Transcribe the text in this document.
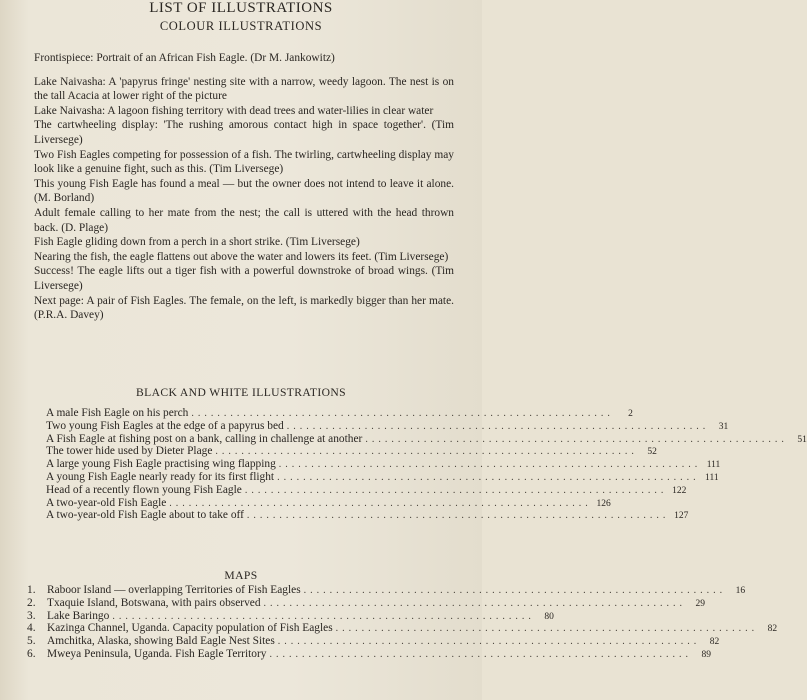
LIST OF ILLUSTRATIONS
COLOUR ILLUSTRATIONS

Frontispiece: Portrait of an African Fish Eagle. (Dr M. Jankowitz)

Lake Naivasha: A 'papyrus fringe' nesting site with a narrow, weedy lagoon. The nest is on the tall Acacia at lower right of the picture

Lake Naivasha: A lagoon fishing territory with dead trees and water-lilies in clear water

The cartwheeling display: 'The rushing amorous contact high in space together'. (Tim Liversege)

Two Fish Eagles competing for possession of a fish. The twirling, cartwheeling display may look like a genuine fight, such as this. (Tim Liversege)

This young Fish Eagle has found a meal — but the owner does not intend to leave it alone. (M. Borland)

Adult female calling to her mate from the nest; the call is uttered with the head thrown back. (D. Plage)

Fish Eagle gliding down from a perch in a short strike. (Tim Liversege)

Nearing the fish, the eagle flattens out above the water and lowers its feet. (Tim Liversege)

Success! The eagle lifts out a tiger fish with a powerful downstroke of broad wings. (Tim Liversege)

Next page: A pair of Fish Eagles. The female, on the left, is markedly bigger than her mate. (P.R.A. Davey)

BLACK AND WHITE ILLUSTRATIONS
A male Fish Eagle on his perch .................................................................	2
Two young Fish Eagles at the edge of a papyrus bed .................................................................	31
A Fish Eagle at fishing post on a bank, calling in challenge at another .................................................................	51
The tower hide used by Dieter Plage .................................................................	52
A large young Fish Eagle practising wing flapping ................................................................. 111
A young Fish Eagle nearly ready for its first flight ................................................................. 111
Head of a recently flown young Fish Eagle ................................................................. 122
A two-year-old Fish Eagle ................................................................. 126
A two-year-old Fish Eagle about to take off ................................................................. 127
MAPS
1.	Raboor Island — overlapping Territories of Fish Eagles .................................................................	16
2.	Txaquie Island, Botswana, with pairs observed .................................................................	29
3.	Lake Baringo .................................................................	80
4.	Kazinga Channel, Uganda. Capacity population of Fish Eagles .................................................................	82
5.	Amchitka, Alaska, showing Bald Eagle Nest Sites .................................................................	82
6.	Mweya Peninsula, Uganda. Fish Eagle Territory .................................................................	89
